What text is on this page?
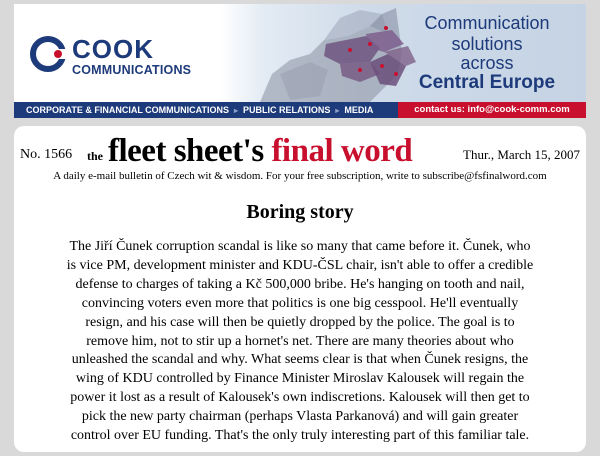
COOK
COMMUNICATIONS
Communication
solutions
across
Central Europe
CORPORATE & FINANCIAL COMMUNICATIONS ▸ PUBLIC RELATIONS ▸ MEDIA	contact us: info@cook-comm.com
No. 1566 the fleet sheet's final word	Thur., March 15, 2007
A daily e-mail bulletin of Czech wit & wisdom. For your free subscription, write to subscribe@fsfinalword.com
Boring story
The Jiří Čunek corruption scandal is like so many that came before it. Čunek, who
is vice PM, development minister and KDU-ČSL chair, isn't able to offer a credible
defense to charges of taking a Kč 500,000 bribe. He's hanging on tooth and nail,
convincing voters even more that politics is one big cesspool. He'll eventually
resign, and his case will then be quietly dropped by the police. The goal is to
remove him, not to stir up a hornet's net. There are many theories about who
unleashed the scandal and why. What seems clear is that when Čunek resigns, the
wing of KDU controlled by Finance Minister Miroslav Kalousek will regain the
power it lost as a result of Kalousek's own indiscretions. Kalousek will then get to
pick the new party chairman (perhaps Vlasta Parkanová) and will gain greater
control over EU funding. That's the only truly interesting part of this familiar tale.
